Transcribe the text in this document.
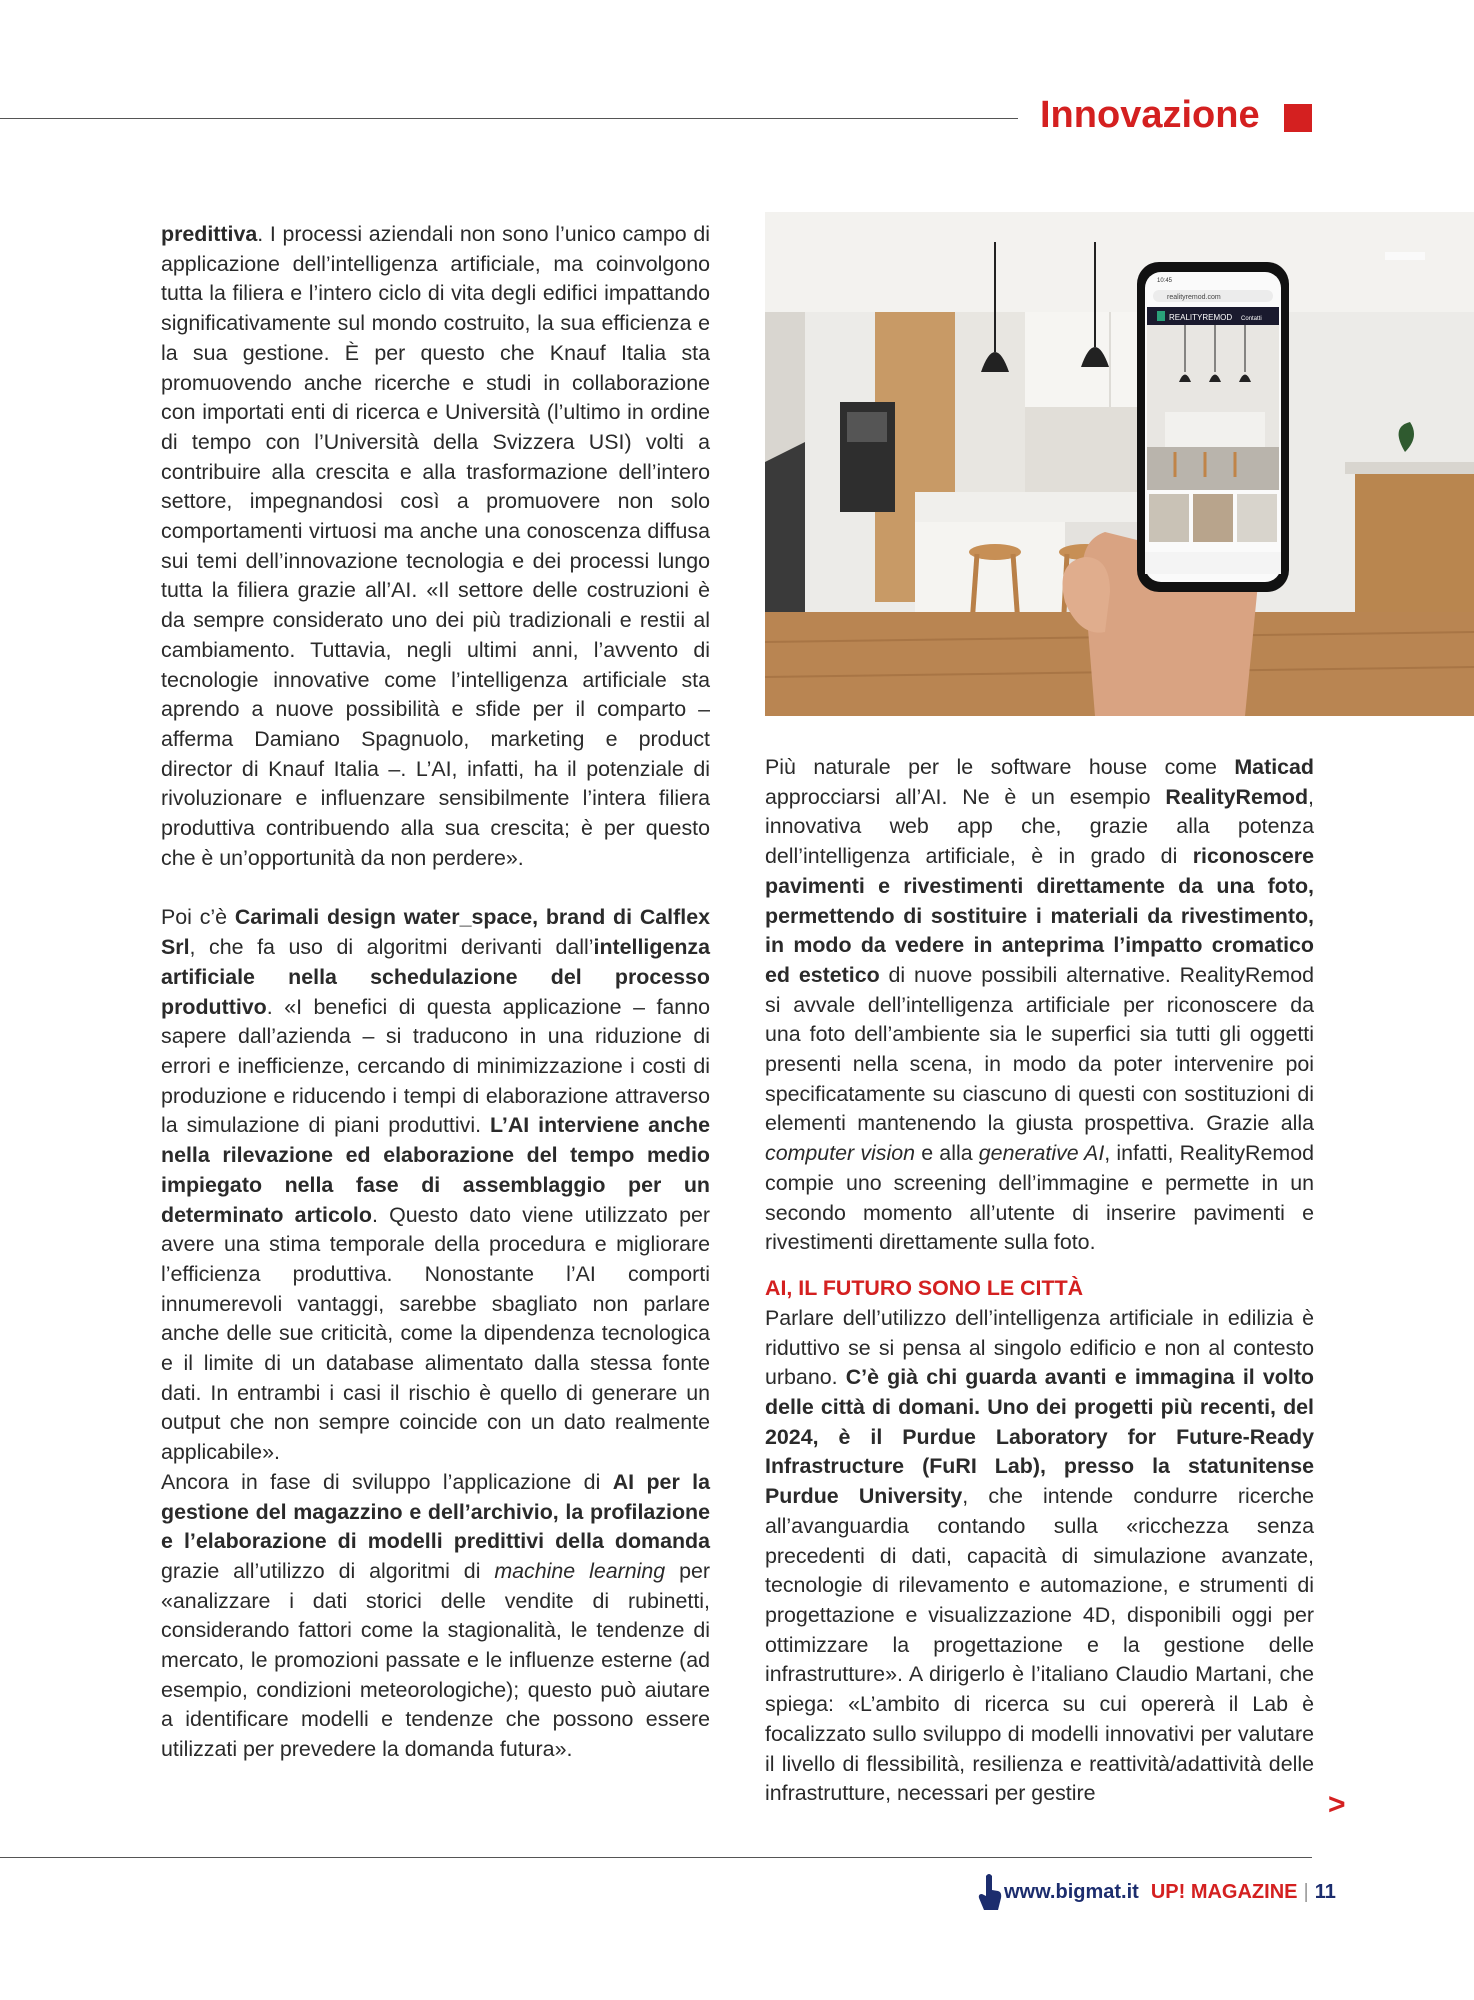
Innovazione

predittiva. I processi aziendali non sono l’unico campo di applicazione dell’intelligenza artificiale, ma coinvolgono tutta la filiera e l’intero ciclo di vita degli edifici impattando significativamente sul mondo costruito, la sua efficienza e la sua gestione. È per questo che Knauf Italia sta promuovendo anche ricerche e studi in collaborazione con importati enti di ricerca e Università (l’ultimo in ordine di tempo con l’Università della Svizzera USI) volti a contribuire alla crescita e alla trasformazione dell’intero settore, impegnandosi così a promuovere non solo comportamenti virtuosi ma anche una conoscenza diffusa sui temi dell’innovazione tecnologia e dei processi lungo tutta la filiera grazie all’AI. «Il settore delle costruzioni è da sempre considerato uno dei più tradizionali e restii al cambiamento. Tuttavia, negli ultimi anni, l’avvento di tecnologie innovative come l’intelligenza artificiale sta aprendo a nuove possibilità e sfide per il comparto – afferma Damiano Spagnuolo, marketing e product director di Knauf Italia –. L’AI, infatti, ha il potenziale di rivoluzionare e influenzare sensibilmente l’intera filiera produttiva contribuendo alla sua crescita; è per questo che è un’opportunità da non perdere».

Poi c’è Carimali design water_space, brand di Calflex Srl, che fa uso di algoritmi derivanti dall’intelligenza artificiale nella schedulazione del processo produttivo. «I benefici di questa applicazione – fanno sapere dall’azienda – si traducono in una riduzione di errori e inefficienze, cercando di minimizzazione i costi di produzione e riducendo i tempi di elaborazione attraverso la simulazione di piani produttivi. L’AI interviene anche nella rilevazione ed elaborazione del tempo medio impiegato nella fase di assemblaggio per un determinato articolo. Questo dato viene utilizzato per avere una stima temporale della procedura e migliorare l’efficienza produttiva. Nonostante l’AI comporti innumerevoli vantaggi, sarebbe sbagliato non parlare anche delle sue criticità, come la dipendenza tecnologica e il limite di un database alimentato dalla stessa fonte dati. In entrambi i casi il rischio è quello di generare un output che non sempre coincide con un dato realmente applicabile».

Ancora in fase di sviluppo l’applicazione di AI per la gestione del magazzino e dell’archivio, la profilazione e l’elaborazione di modelli predittivi della domanda grazie all’utilizzo di algoritmi di machine learning per «analizzare i dati storici delle vendite di rubinetti, considerando fattori come la stagionalità, le tendenze di mercato, le promozioni passate e le influenze esterne (ad esempio, condizioni meteorologiche); questo può aiutare a identificare modelli e tendenze che possono essere utilizzati per prevedere la domanda futura».

REALITYREMOD Contatti
10:45
realityremod.com

Più naturale per le software house come Maticad approcciarsi all’AI. Ne è un esempio RealityRemod, innovativa web app che, grazie alla potenza dell’intelligenza artificiale, è in grado di riconoscere pavimenti e rivestimenti direttamente da una foto, permettendo di sostituire i materiali da rivestimento, in modo da vedere in anteprima l’impatto cromatico ed estetico di nuove possibili alternative. RealityRemod si avvale dell’intelligenza artificiale per riconoscere da una foto dell’ambiente sia le superfici sia tutti gli oggetti presenti nella scena, in modo da poter intervenire poi specificatamente su ciascuno di questi con sostituzioni di elementi mantenendo la giusta prospettiva. Grazie alla computer vision e alla generative AI, infatti, RealityRemod compie uno screening dell’immagine e permette in un secondo momento all’utente di inserire pavimenti e rivestimenti direttamente sulla foto.

AI, IL FUTURO SONO LE CITTÀ

Parlare dell’utilizzo dell’intelligenza artificiale in edilizia è riduttivo se si pensa al singolo edificio e non al contesto urbano. C’è già chi guarda avanti e immagina il volto delle città di domani. Uno dei progetti più recenti, del 2024, è il Purdue Laboratory for Future-Ready Infrastructure (FuRI Lab), presso la statunitense Purdue University, che intende condurre ricerche all’avanguardia contando sulla «ricchezza senza precedenti di dati, capacità di simulazione avanzate, tecnologie di rilevamento e automazione, e strumenti di progettazione e visualizzazione 4D, disponibili oggi per ottimizzare la progettazione e la gestione delle infrastrutture». A dirigerlo è l’italiano Claudio Martani, che spiega: «L’ambito di ricerca su cui opererà il Lab è focalizzato sullo sviluppo di modelli innovativi per valutare il livello di flessibilità, resilienza e reattività/adattività delle infrastrutture, necessari per gestire	>
www.bigmat.it UP! MAGAZINE | 11
